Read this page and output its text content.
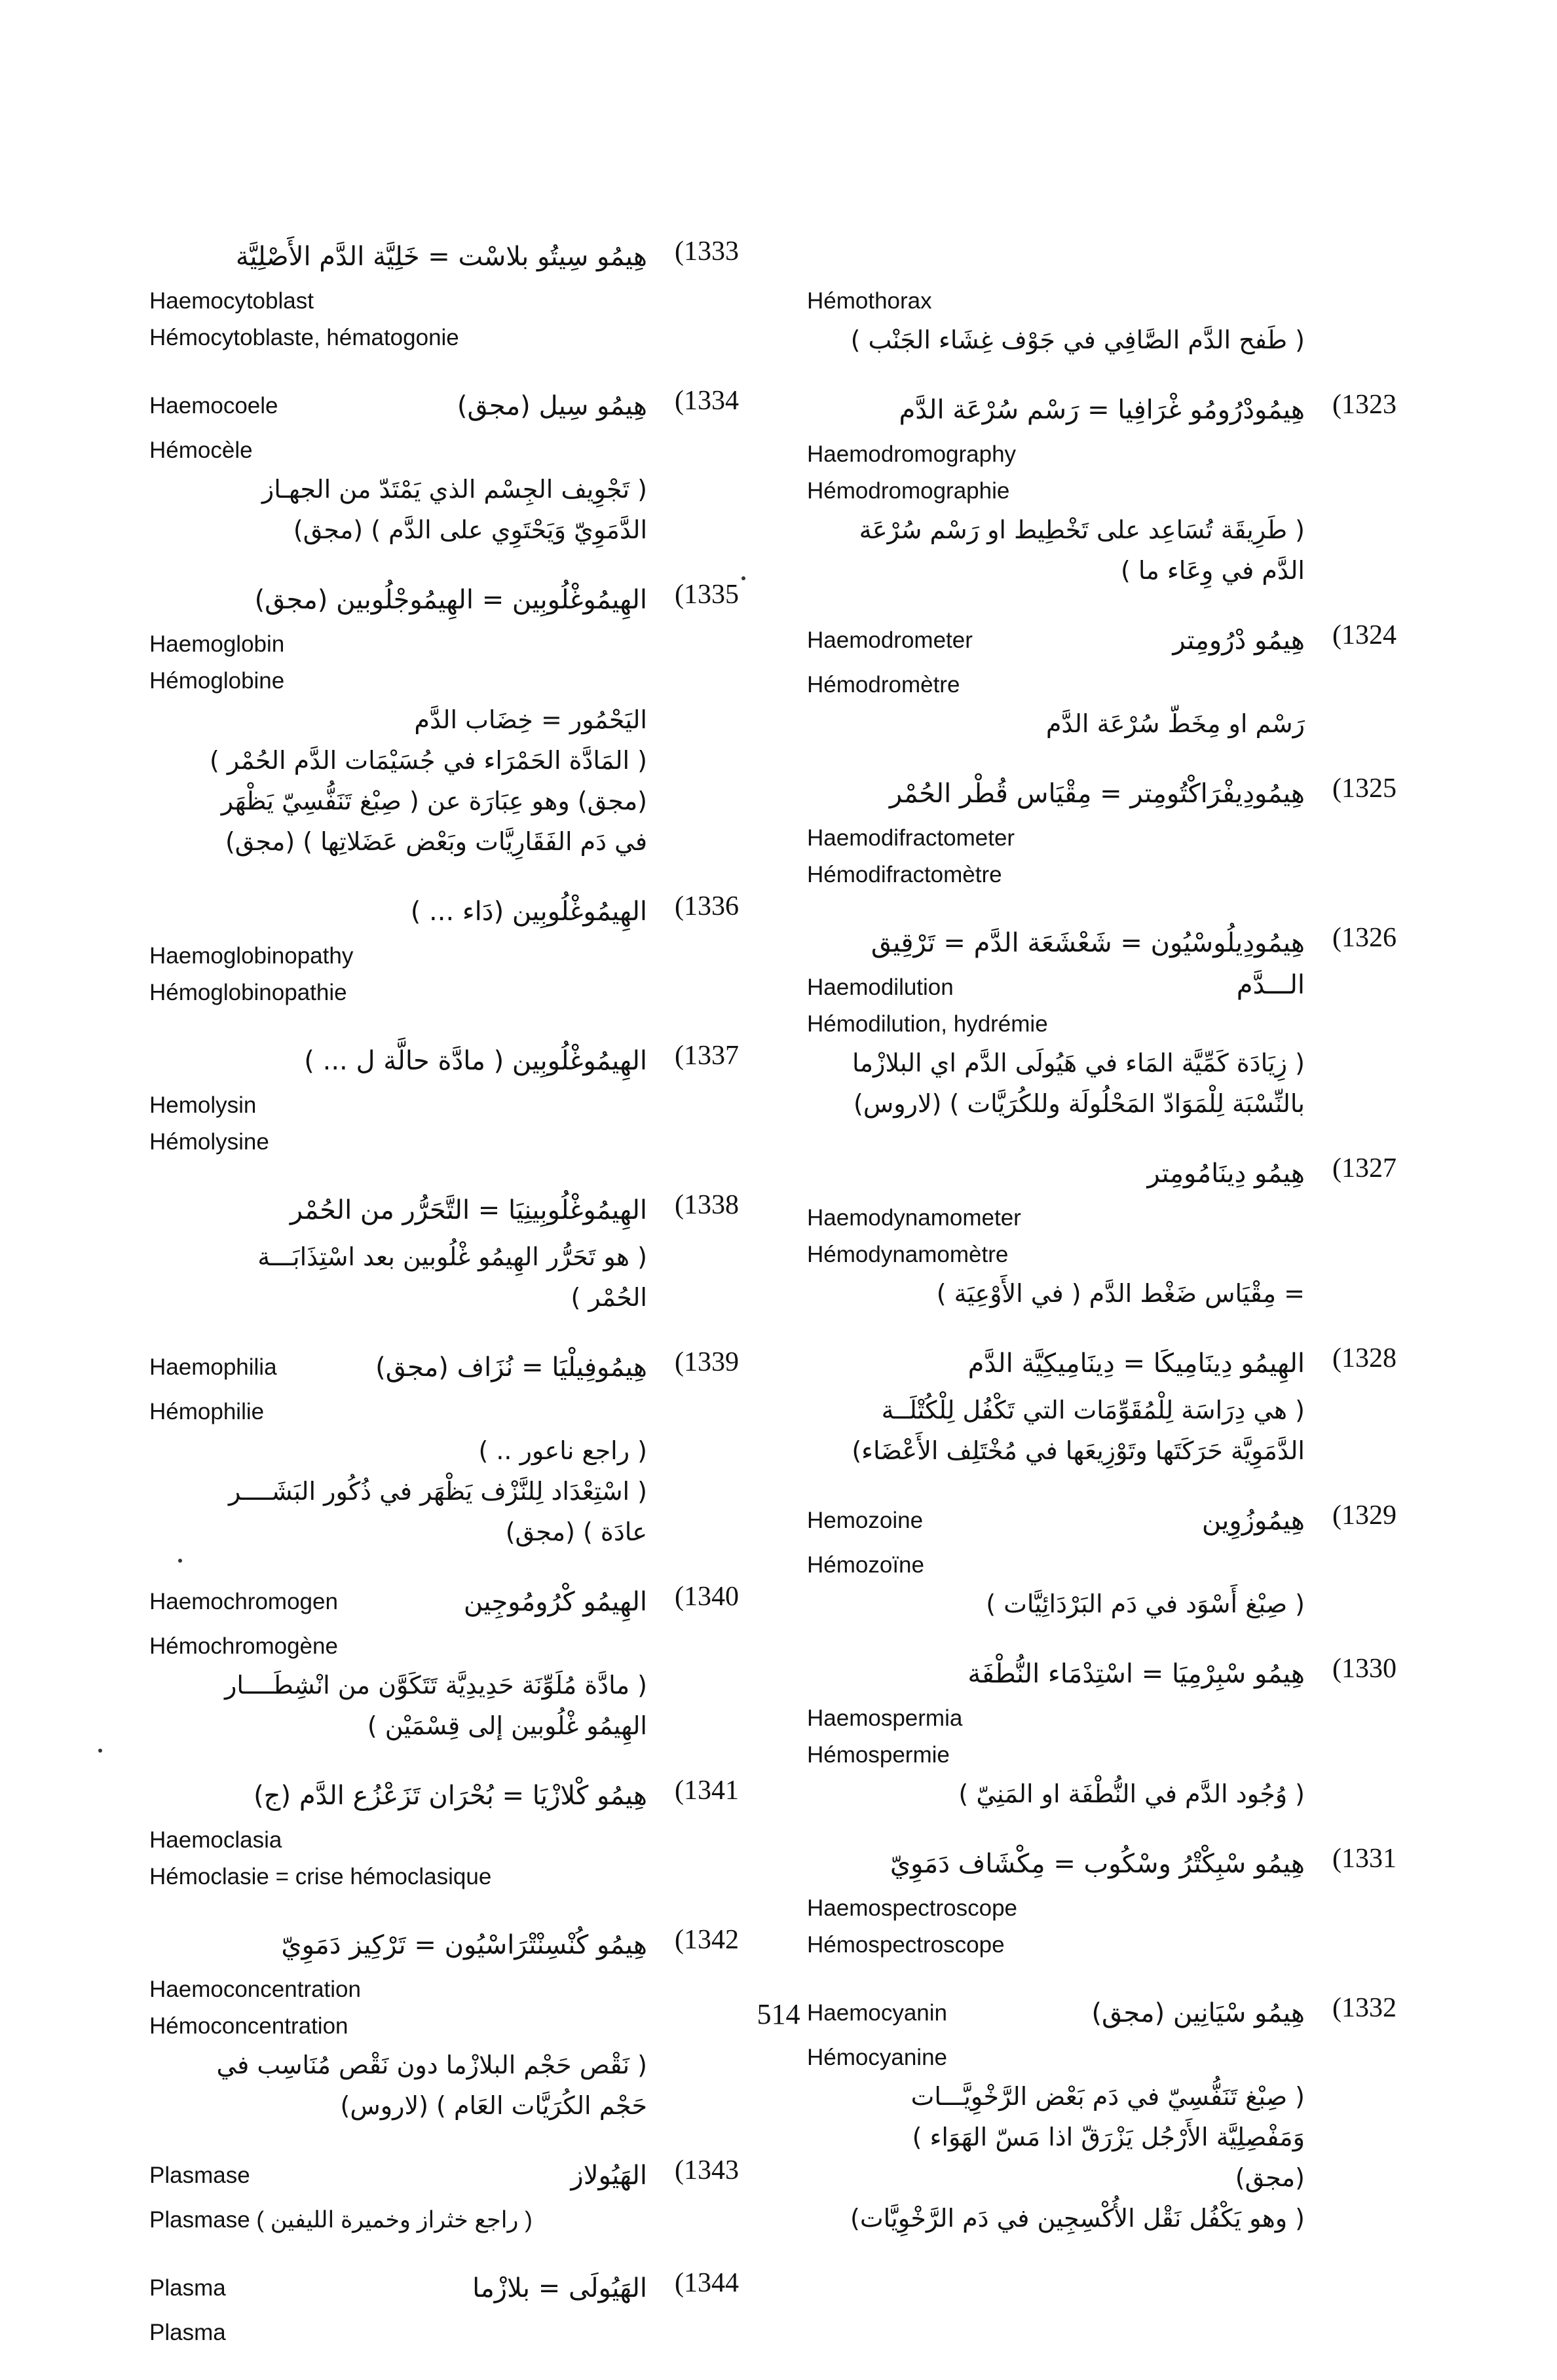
(1333
هِيمُو سِيتُو بلاسْت = خَلِيَّة الدَّم الأَصْلِيَّة
Haemocytoblast
Hémocytoblaste, hématogonie
(1334
هِيمُو سِيل (مجق)
Haemocoele
Hémocèle
( تَجْوِيف الجِسْم الذي يَمْتَدّ من الجهـاز
الدَّمَوِيّ وَيَحْتَوِي على الدَّم ) (مجق)
(1335
الهِيمُوغْلُوبِين = الهِيمُوجْلُوبين (مجق)
Haemoglobin
Hémoglobine
اليَحْمُور = خِضَاب الدَّم
( المَادَّة الحَمْرَاء في جُسَيْمَات الدَّم الحُمْر )
(مجق) وهو عِبَارَة عن ( صِبْغ تَنَفُّسِيّ يَظْهَر
في دَم الفَقَارِيَّات وبَعْض عَضَلاتِها ) (مجق)
(1336
الهِيمُوغْلُوبِين (دَاء ... )
Haemoglobinopathy
Hémoglobinopathie
(1337
الهِيمُوغْلُوبِين ( مادَّة حالَّة ل ... )
Hemolysin
Hémolysine
(1338
الهِيمُوغْلُوبِينِيَا = التَّحَرُّر من الحُمْر
( هو تَحَرُّر الهِيمُو غْلُوبين بعد اسْتِذَابَـــة
الحُمْر )
(1339
هِيمُوفِيلْيَا = نُزَاف (مجق)
Haemophilia
Hémophilie
( راجع ناعور .. )
( اسْتِعْدَاد لِلنَّزْف يَظْهَر في ذُكُور البَشَــــر
عادَة ) (مجق)
(1340
الهِيمُو كْرُومُوجِين
Haemochromogen
Hémochromogène
( مادَّة مُلَوِّنَة حَدِيدِيَّة تَتَكَوَّن من انْشِطَــــار
الهِيمُو غْلُوبين إلى قِسْمَيْن )
(1341
هِيمُو كْلازْيَا = بُحْرَان تَزَعْزُع الدَّم (ج)
Haemoclasia
Hémoclasie = crise hémoclasique
(1342
هِيمُو كُنْسِنْتْرَاسْيُون = تَرْكِيز دَمَوِيّ
Haemoconcentration
Hémoconcentration
( نَقْص حَجْم البلازْما دون نَقْص مُنَاسِب في
حَجْم الكُرَيَّات العَام ) (لاروس)
(1343
الهَيُولاز
Plasmase
Plasmase ( راجع خثراز وخميرة الليفين )
(1344
الهَيُولَى = بلازْما
Plasma
Plasma
Hémothorax
( طَفح الدَّم الصَّافِي في جَوْف غِشَاء الجَنْب )
(1323
هِيمُودْرُومُو غْرَافِيا = رَسْم سُرْعَة الدَّم
Haemodromography
Hémodromographie
( طَرِيقَة تُسَاعِد على تَخْطِيط او رَسْم سُرْعَة
الدَّم في وِعَاء ما )
(1324
هِيمُو دْرُومِتر
Haemodrometer
Hémodromètre
رَسْم او مِخَطّ سُرْعَة الدَّم
(1325
هِيمُودِيفْرَاكْتُومِتر = مِقْيَاس قُطْر الحُمْر
Haemodifractometer
Hémodifractomètre
(1326
هِيمُودِيلُوسْيُون = شَعْشَعَة الدَّم = تَرْقِيق الـــدَّم
Haemodilution
Hémodilution, hydrémie
( زِيَادَة كَمِّيَّة المَاء في هَيُولَى الدَّم اي البلازْما
بالنِّسْبَة لِلْمَوَادّ المَحْلُولَة وللكُرَيَّات ) (لاروس)
(1327
هِيمُو دِينَامُومِتر
Haemodynamometer
Hémodynamomètre
= مِقْيَاس ضَغْط الدَّم ( في الأَوْعِيَة )
(1328
الهِيمُو دِينَامِيكَا = دِينَامِيكِيَّة الدَّم
( هي دِرَاسَة لِلْمُقَوِّمَات التي تَكْفُل لِلْكُتْلَــة
الدَّمَوِيَّة حَرَكَتَها وتَوْزِيعَها في مُخْتَلِف الأَعْضَاء)
(1329
هِيمُوزُوِين
Hemozoine
Hémozoïne
( صِبْغ أَسْوَد في دَم البَرْدَائِيَّات )
(1330
هِيمُو سْبِرْمِيَا = اسْتِدْمَاء النُّطْفَة
Haemospermia
Hémospermie
( وُجُود الدَّم في النُّطْفَة او المَنِيّ )
(1331
هِيمُو سْبِكْتْرُ وسْكُوب = مِكْشَاف دَمَوِيّ
Haemospectroscope
Hémospectroscope
(1332
هِيمُو سْيَانِين (مجق)
Haemocyanin
Hémocyanine
( صِبْغ تَنَفُّسِيّ في دَم بَعْض الرَّخْوِيَّـــات
وَمَفْصِلِيَّة الأَرْجُل يَزْرَقّ اذا مَسّ الهَوَاء )
(مجق)
( وهو يَكْفُل نَقْل الأُكْسِجِين في دَم الرَّخْوِيَّات)
514
